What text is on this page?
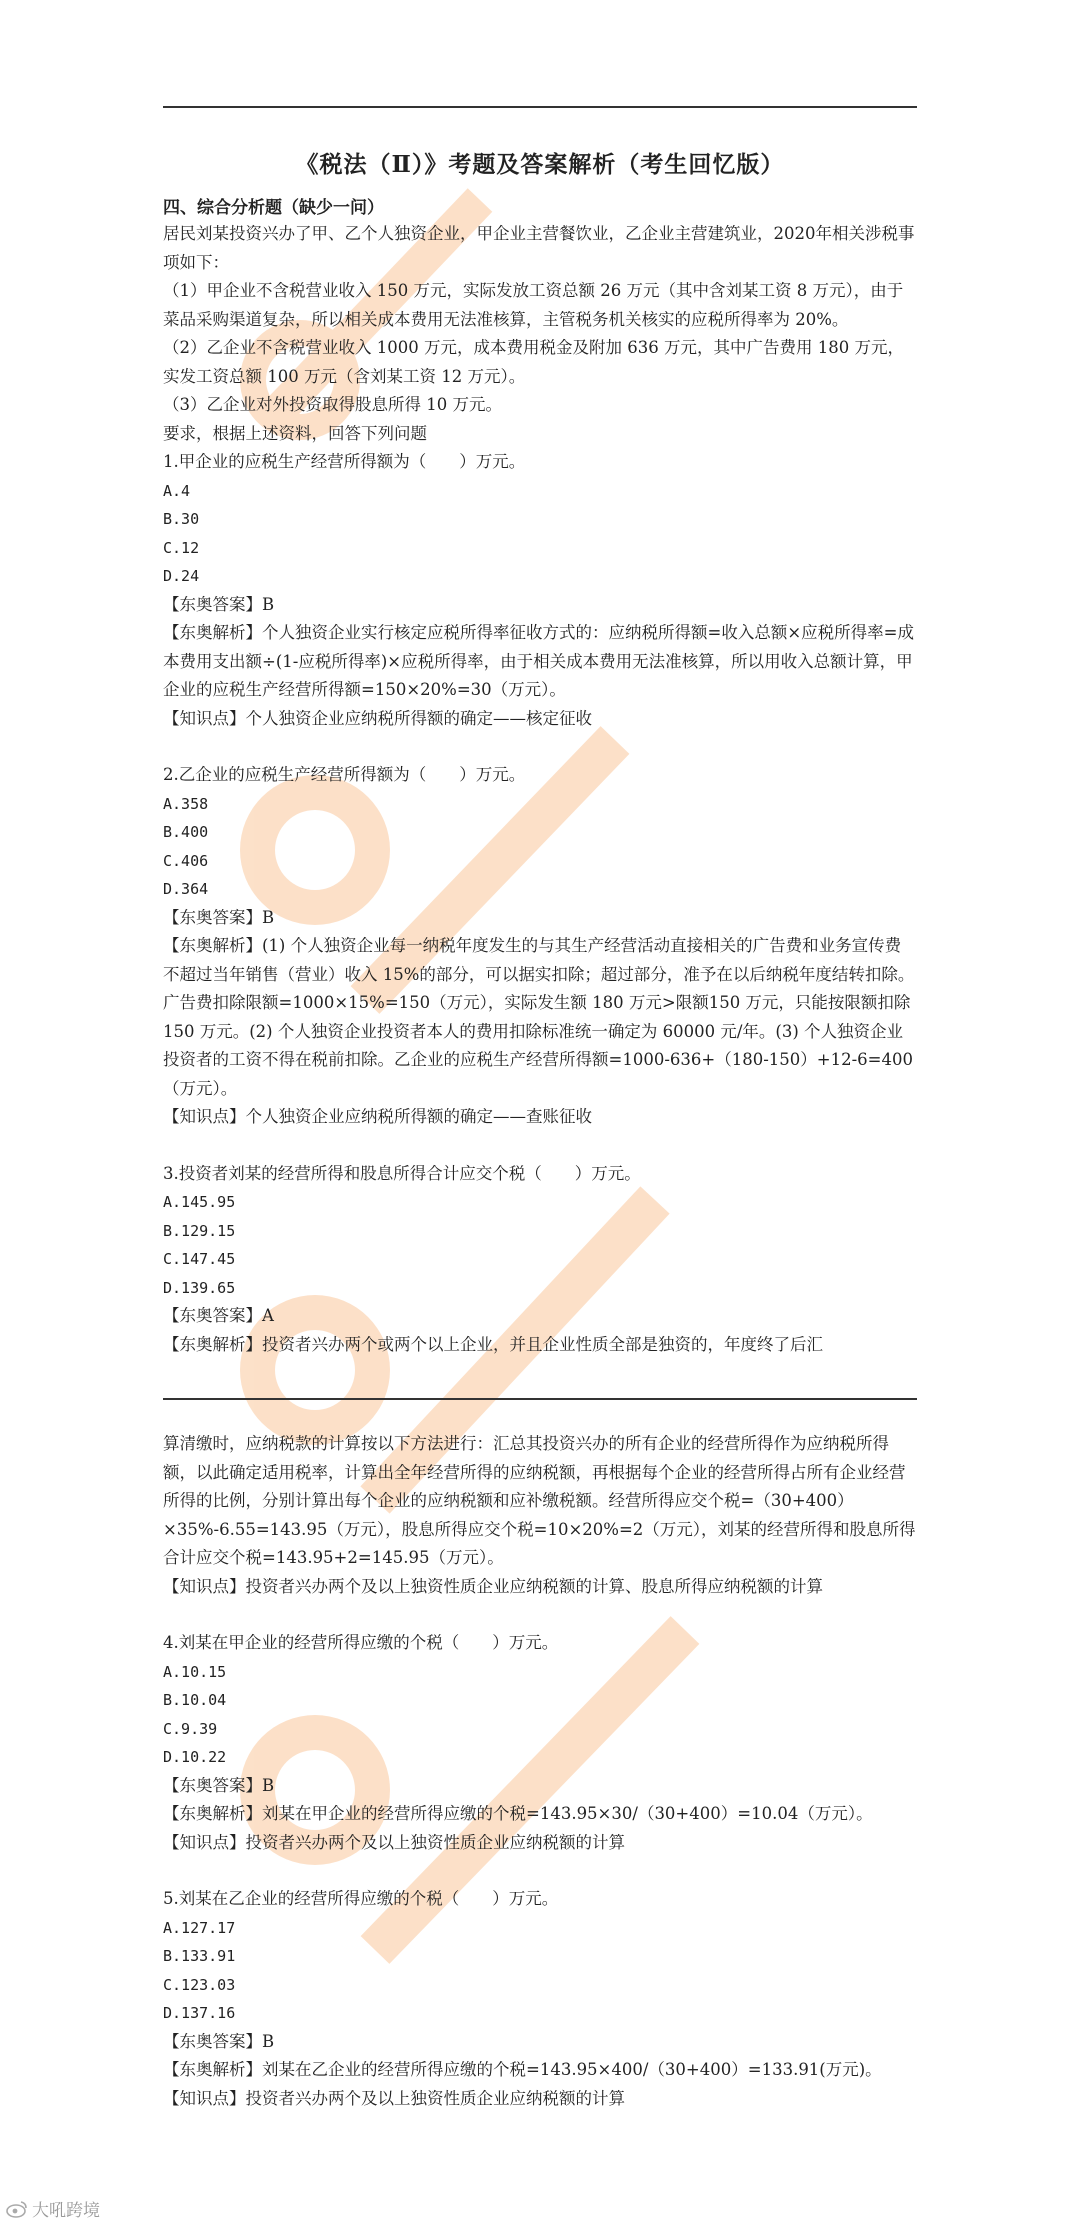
《税法（Ⅱ）》考题及答案解析（考生回忆版）
四、综合分析题（缺少一问）

居民刘某投资兴办了甲、乙个人独资企业，甲企业主营餐饮业，乙企业主营建筑业，2020年相关涉税事项如下：

（1）甲企业不含税营业收入 150 万元，实际发放工资总额 26 万元（其中含刘某工资 8 万元），由于菜品采购渠道复杂，所以相关成本费用无法准核算，主管税务机关核实的应税所得率为 20%。

（2）乙企业不含税营业收入 1000 万元，成本费用税金及附加 636 万元，其中广告费用 180 万元，实发工资总额 100 万元（含刘某工资 12 万元）。

（3）乙企业对外投资取得股息所得 10 万元。

要求，根据上述资料，回答下列问题

1.甲企业的应税生产经营所得额为（　　）万元。

A.4

B.30

C.12

D.24

【东奥答案】B

【东奥解析】个人独资企业实行核定应税所得率征收方式的：应纳税所得额=收入总额×应税所得率=成本费用支出额÷(1-应税所得率)×应税所得率，由于相关成本费用无法准核算，所以用收入总额计算，甲企业的应税生产经营所得额=150×20%=30（万元）。

【知识点】个人独资企业应纳税所得额的确定——核定征收

2.乙企业的应税生产经营所得额为（　　）万元。

A.358

B.400

C.406

D.364

【东奥答案】B

【东奥解析】(1) 个人独资企业每一纳税年度发生的与其生产经营活动直接相关的广告费和业务宣传费不超过当年销售（营业）收入 15%的部分，可以据实扣除；超过部分，准予在以后纳税年度结转扣除。广告费扣除限额=1000×15%=150（万元），实际发生额 180 万元>限额150 万元，只能按限额扣除 150 万元。(2) 个人独资企业投资者本人的费用扣除标准统一确定为 60000 元/年。(3) 个人独资企业投资者的工资不得在税前扣除。乙企业的应税生产经营所得额=1000-636+（180-150）+12-6=400（万元）。

【知识点】个人独资企业应纳税所得额的确定——查账征收

3.投资者刘某的经营所得和股息所得合计应交个税（　　）万元。

A.145.95

B.129.15

C.147.45

D.139.65

【东奥答案】A

【东奥解析】投资者兴办两个或两个以上企业，并且企业性质全部是独资的，年度终了后汇

算清缴时，应纳税款的计算按以下方法进行：汇总其投资兴办的所有企业的经营所得作为应纳税所得额，以此确定适用税率，计算出全年经营所得的应纳税额，再根据每个企业的经营所得占所有企业经营所得的比例，分别计算出每个企业的应纳税额和应补缴税额。经营所得应交个税=（30+400）×35%-6.55=143.95（万元），股息所得应交个税=10×20%=2（万元），刘某的经营所得和股息所得合计应交个税=143.95+2=145.95（万元）。

【知识点】投资者兴办两个及以上独资性质企业应纳税额的计算、股息所得应纳税额的计算

4.刘某在甲企业的经营所得应缴的个税（　　）万元。

A.10.15

B.10.04

C.9.39

D.10.22

【东奥答案】B

【东奥解析】刘某在甲企业的经营所得应缴的个税=143.95×30/（30+400）=10.04（万元）。

【知识点】投资者兴办两个及以上独资性质企业应纳税额的计算

5.刘某在乙企业的经营所得应缴的个税（　　）万元。

A.127.17

B.133.91

C.123.03

D.137.16

【东奥答案】B

【东奥解析】刘某在乙企业的经营所得应缴的个税=143.95×400/（30+400）=133.91(万元)。

【知识点】投资者兴办两个及以上独资性质企业应纳税额的计算

大吼跨境
